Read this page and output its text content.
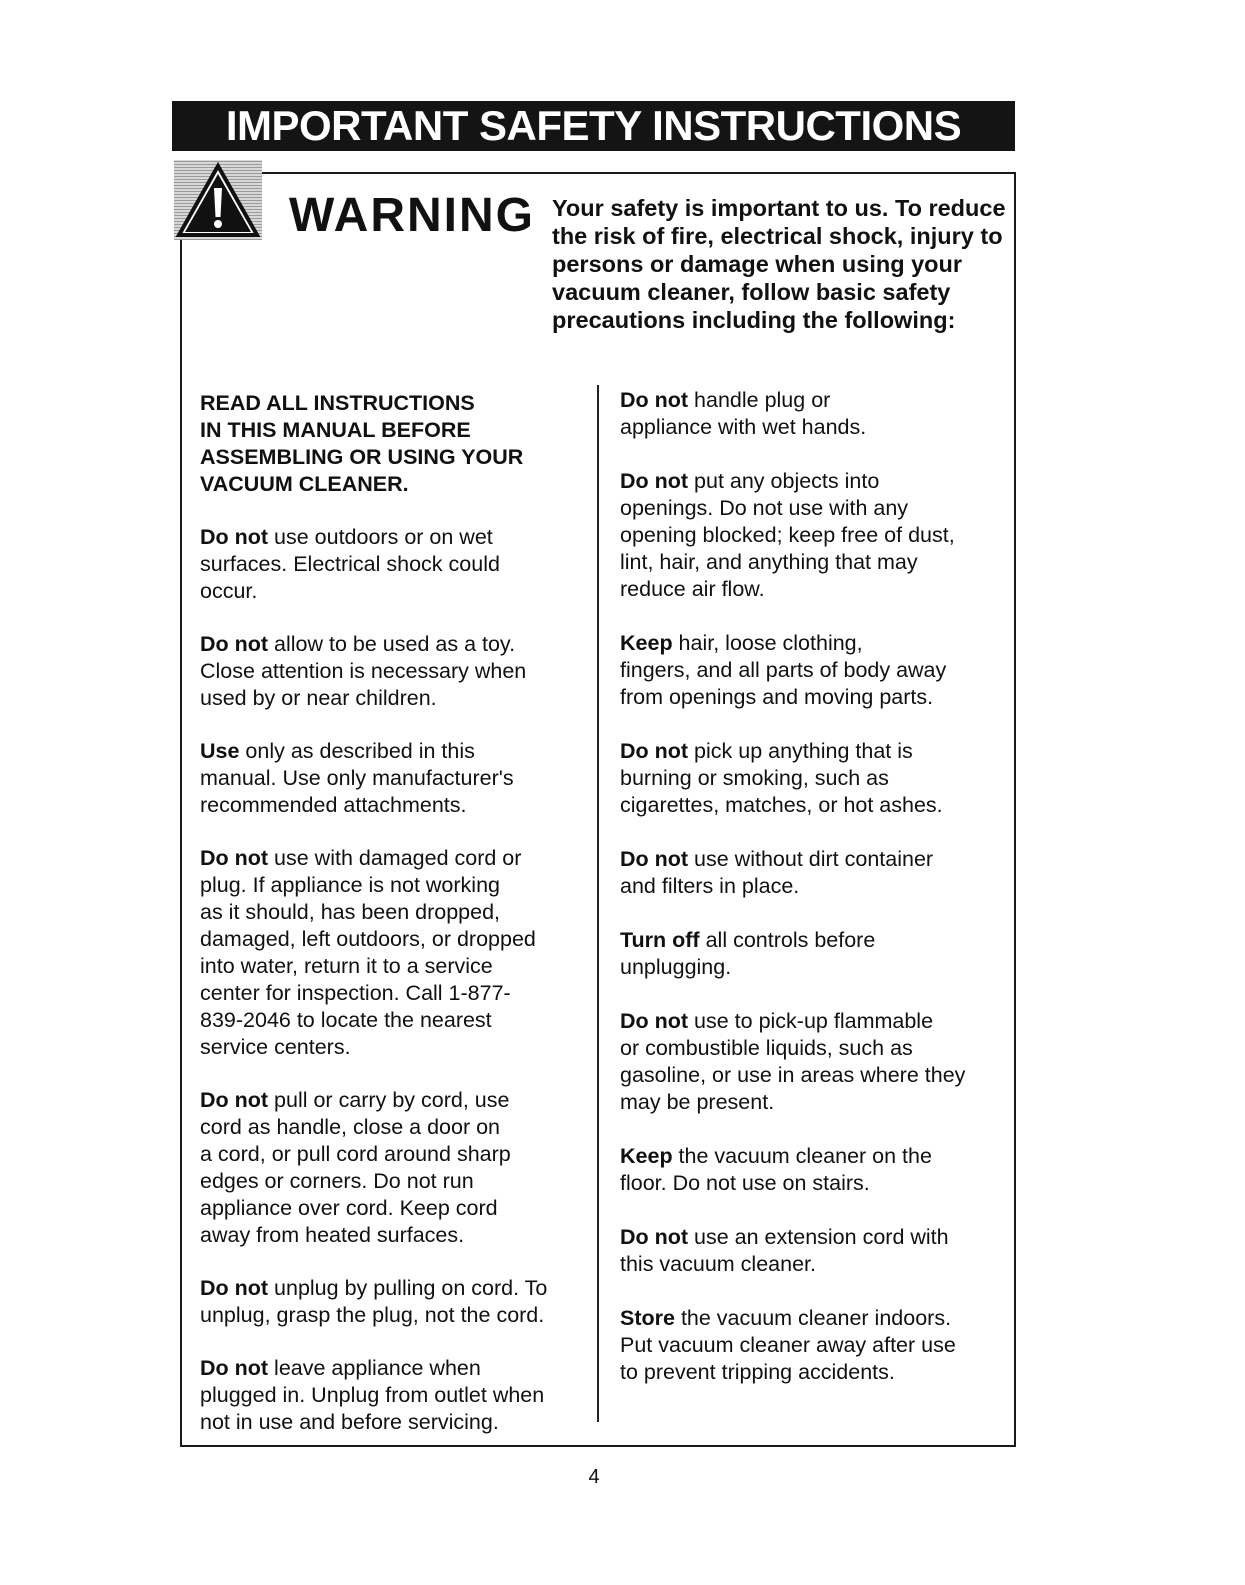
IMPORTANT SAFETY INSTRUCTIONS
WARNING Your safety is important to us. To reduce the risk of fire, electrical shock, injury to persons or damage when using your vacuum cleaner, follow basic safety precautions including the following:
READ ALL INSTRUCTIONS
IN THIS MANUAL BEFORE
ASSEMBLING OR USING YOUR
VACUUM CLEANER.
Do not use outdoors or on wet
surfaces. Electrical shock could
occur.
Do not allow to be used as a toy.
Close attention is necessary when
used by or near children.
Use only as described in this
manual. Use only manufacturer's
recommended attachments.
Do not use with damaged cord or
plug. If appliance is not working
as it should, has been dropped,
damaged, left outdoors, or dropped
into water, return it to a service
center for inspection. Call 1-877-
839-2046 to locate the nearest
service centers.
Do not pull or carry by cord, use
cord as handle, close a door on
a cord, or pull cord around sharp
edges or corners. Do not run
appliance over cord. Keep cord
away from heated surfaces.
Do not unplug by pulling on cord. To
unplug, grasp the plug, not the cord.
Do not leave appliance when
plugged in. Unplug from outlet when
not in use and before servicing.
Do not handle plug or
appliance with wet hands.
Do not put any objects into
openings. Do not use with any
opening blocked; keep free of dust,
lint, hair, and anything that may
reduce air flow.
Keep hair, loose clothing,
fingers, and all parts of body away
from openings and moving parts.
Do not pick up anything that is
burning or smoking, such as
cigarettes, matches, or hot ashes.
Do not use without dirt container
and filters in place.
Turn off all controls before
unplugging.
Do not use to pick-up flammable
or combustible liquids, such as
gasoline, or use in areas where they
may be present.
Keep the vacuum cleaner on the
floor. Do not use on stairs.
Do not use an extension cord with
this vacuum cleaner.
Store the vacuum cleaner indoors.
Put vacuum cleaner away after use
to prevent tripping accidents.
4
